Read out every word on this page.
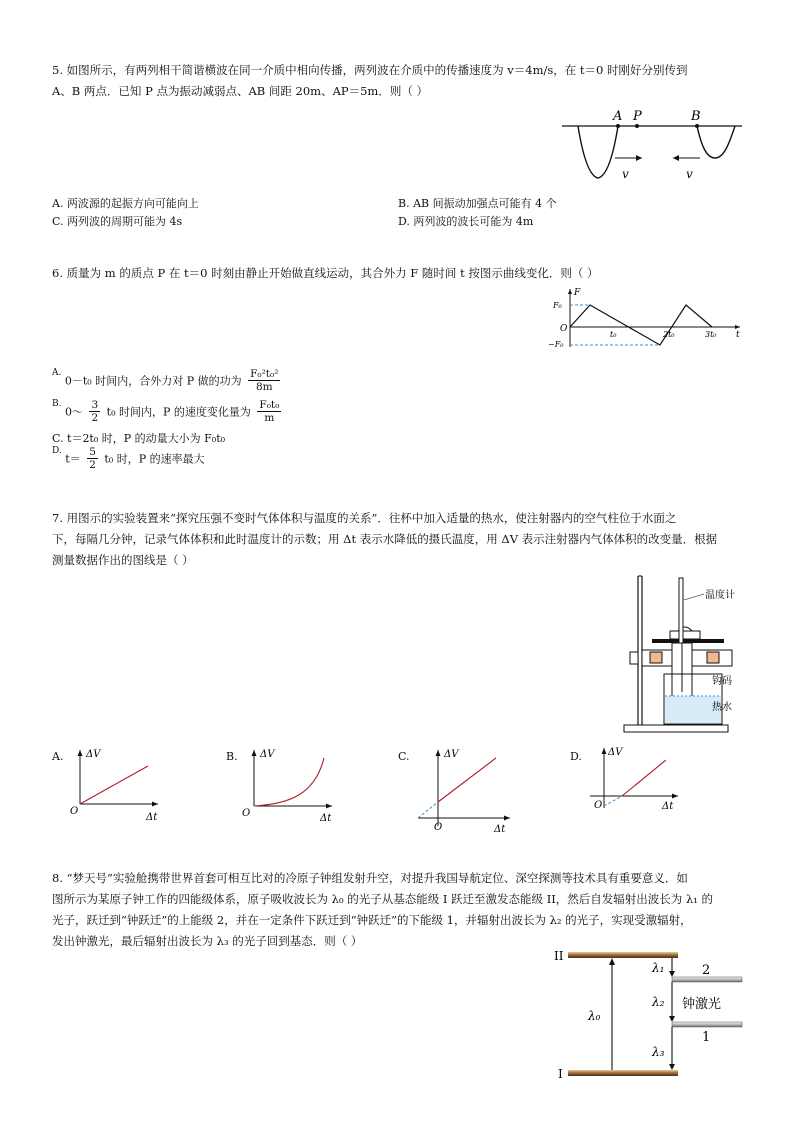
5. 如图所示，有两列相干简谐横波在同一介质中相向传播，两列波在介质中的传播速度为 v＝4m/s，在 t＝0 时刚好分别传到
A、B 两点．已知 P 点为振动减弱点、AB 间距 20m、AP＝5m．则（ ）
A P	B
v	v
A. 两波源的起振方向可能向上	B. AB 间振动加强点可能有 4 个
C. 两列波的周期可能为 4s	D. 两列波的波长可能为 4m
6. 质量为 m 的质点 P 在 t＝0 时刻由静止开始做直线运动，其合外力 F 随时间 t 按图示曲线变化．则（ ）
F
F₀
−F₀
O
t₀	2t₀	3t₀ t
$^{A.}$ 0－t₀ 时间内，合外力对 P 做的功为 $\frac{\text{F₀²t₀²}}{8m}$
$^{B.}$ 0～ $\frac{3}{2} t_0$ 时间内，P 的速度变化量为 $\frac{\text{F₀t₀}}{m}$
C. t＝2t₀ 时，P 的动量大小为 F₀t₀
$^{D.}$ $t= \frac{5}{2} t_0$ 时，P 的速率最大
7. 用图示的实验装置来“探究压强不变时气体体积与温度的关系”．往杯中加入适量的热水，使注射器内的空气柱位于水面之
下，每隔几分钟，记录气体体积和此时温度计的示数；用 Δt 表示水降低的摄氏温度，用 ΔV 表示注射器内气体体积的改变量．根据
测量数据作出的图线是（ ）
温度计
钩码
热水
A. ΔV
Δt
O
B. ΔV
Δt
O
C.	ΔV
Δt
O
D.	ΔV
Δt
O
8. “梦天号”实验舱携带世界首套可相互比对的冷原子钟组发射升空，对提升我国导航定位、深空探测等技术具有重要意义．如
图所示为某原子钟工作的四能级体系，原子吸收波长为 λ₀ 的光子从基态能级 I 跃迁至激发态能级 II，然后自发辐射出波长为 λ₁ 的
光子，跃迁到“钟跃迁”的上能级 2，并在一定条件下跃迁到“钟跃迁”的下能级 1，并辐射出波长为 λ₂ 的光子，实现受激辐射，
发出钟激光，最后辐射出波长为 λ₃ 的光子回到基态．则（ ）
II
I
λ₀
λ₁
λ₂
λ₃
2
1
钟激光
